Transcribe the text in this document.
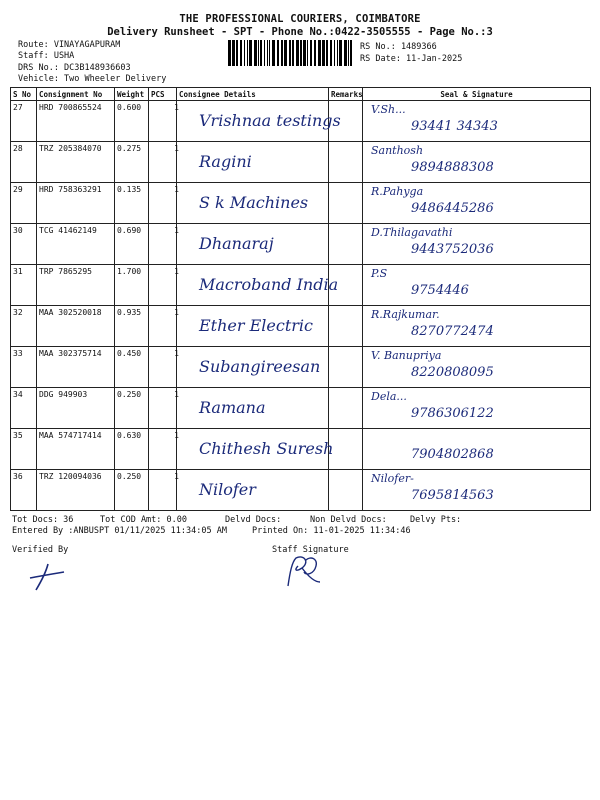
THE PROFESSIONAL COURIERS, COIMBATORE
Delivery Runsheet - SPT - Phone No.:0422-3505555 - Page No.:3
Route: VINAYAGAPURAM
Staff: USHA
DRS No.: DC3B148936603
Vehicle: Two Wheeler Delivery
RS No.: 1489366
RS Date: 11-Jan-2025
S No	Consignment No	Weight	PCS	Consignee Details	Remarks	Seal & Signature
27	HRD 700865524	0.600	1	Vrishnaa testings		V.Sh...
93441 34343

28	TRZ 205384070	0.275	1	Ragini		Santhosh
9894888308

29	HRD 758363291	0.135	1	S k Machines		R.Pahyga
9486445286

30	TCG 41462149	0.690	1	Dhanaraj		D.Thilagavathi
9443752036

31	TRP 7865295	1.700	1	Macroband India		P.S
9754446

32	MAA 302520018	0.935	1	Ether Electric		R.Rajkumar.
8270772474

33	MAA 302375714	0.450	1	Subangireesan		V. Banupriya
8220808095

34	DDG 949903	0.250	1	Ramana		Dela...
9786306122

35	MAA 574717414	0.630	1	Chithesh Suresh		7904802868

36	TRZ 120094036	0.250	1	Nilofer		Nilofer-
7695814563
Tot Docs: 36	Tot COD Amt: 0.00	Delvd Docs:	Non Delvd Docs:	Delvy Pts:
Entered By :ANBUSPT 01/11/2025 11:34:05 AM	Printed On: 11-01-2025 11:34:46
Verified By	Staff Signature
